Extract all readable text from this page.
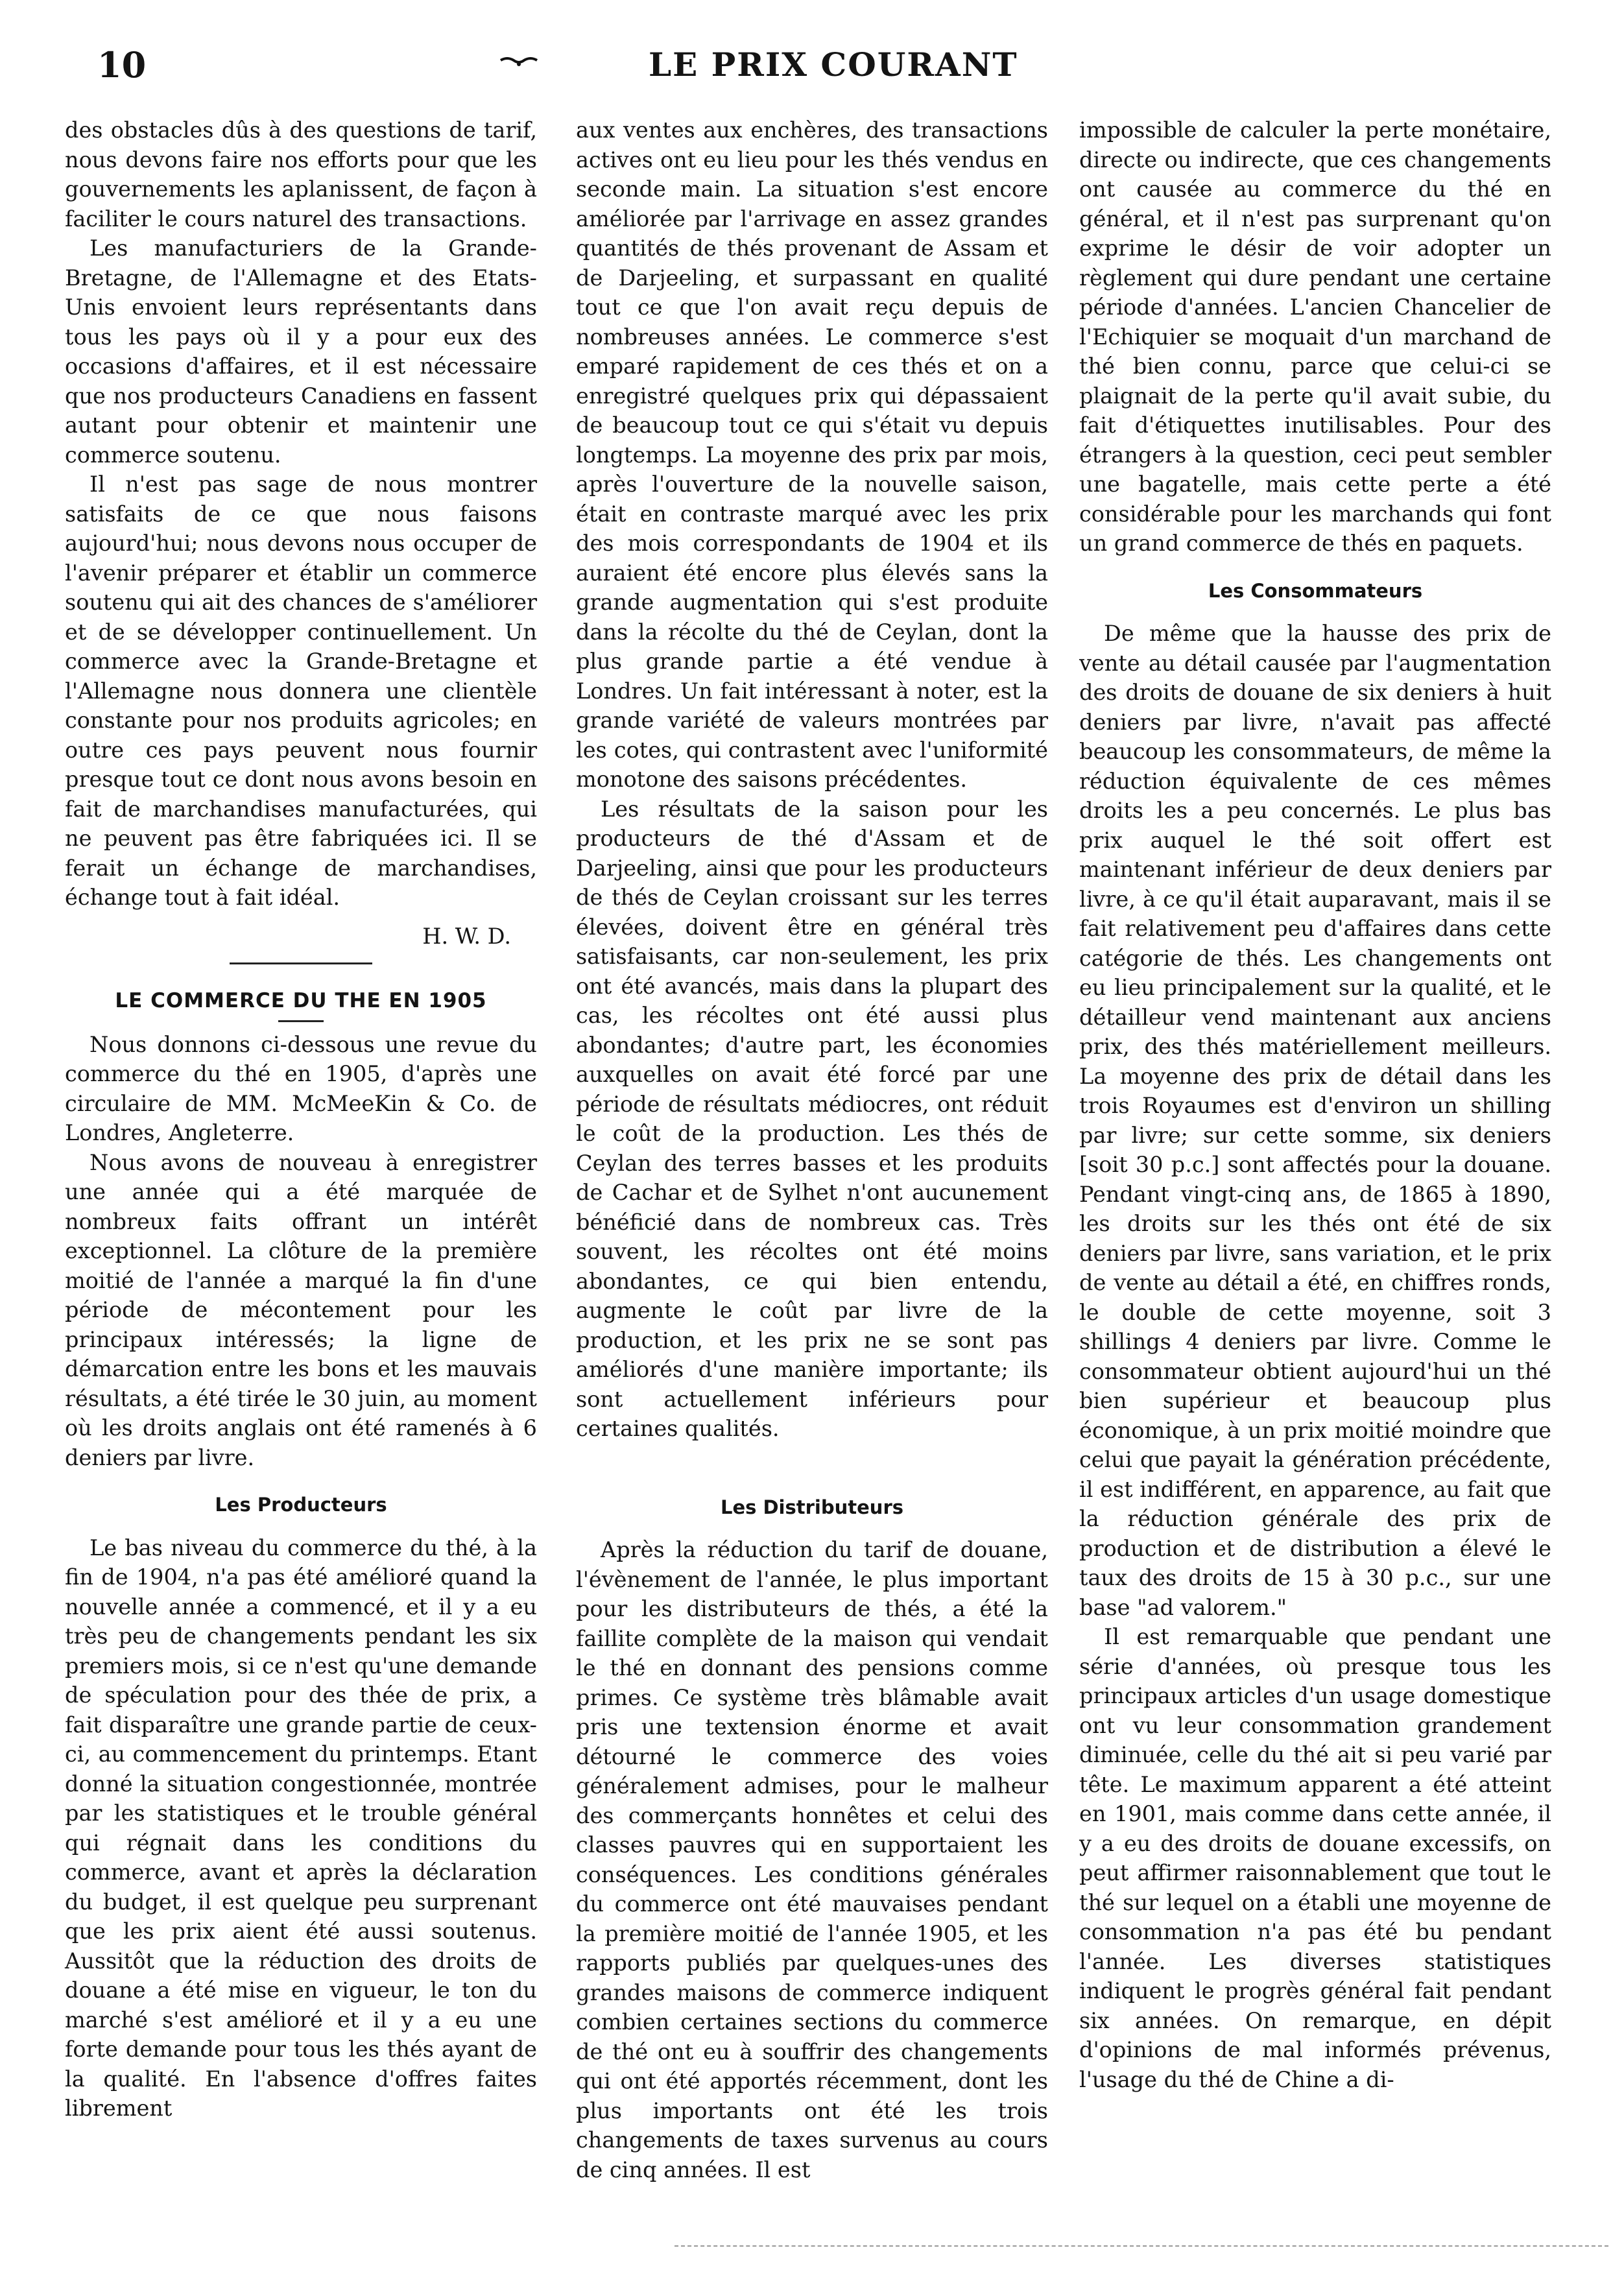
10	LE PRIX COURANT

des obstacles dûs à des questions de tarif, nous devons faire nos efforts pour que les gouvernements les aplanissent, de façon à faciliter le cours naturel des transactions.

Les manufacturiers de la Grande-Bretagne, de l'Allemagne et des Etats-Unis envoient leurs représentants dans tous les pays où il y a pour eux des occasions d'affaires, et il est nécessaire que nos producteurs Canadiens en fassent autant pour obtenir et maintenir une commerce soutenu.

Il n'est pas sage de nous montrer satisfaits de ce que nous faisons aujourd'hui; nous devons nous occuper de l'avenir préparer et établir un commerce soutenu qui ait des chances de s'améliorer et de se développer continuellement. Un commerce avec la Grande-Bretagne et l'Allemagne nous donnera une clientèle constante pour nos produits agricoles; en outre ces pays peuvent nous fournir presque tout ce dont nous avons besoin en fait de marchandises manufacturées, qui ne peuvent pas être fabriquées ici. Il se ferait un échange de marchandises, échange tout à fait idéal.

H. W. D.

LE COMMERCE DU THE EN 1905

Nous donnons ci-dessous une revue du commerce du thé en 1905, d'après une circulaire de MM. McMeeKin & Co. de Londres, Angleterre.

Nous avons de nouveau à enregistrer une année qui a été marquée de nombreux faits offrant un intérêt exceptionnel. La clôture de la première moitié de l'année a marqué la fin d'une période de mécontement pour les principaux intéressés; la ligne de démarcation entre les bons et les mauvais résultats, a été tirée le 30 juin, au moment où les droits anglais ont été ramenés à 6 deniers par livre.

Les Producteurs

Le bas niveau du commerce du thé, à la fin de 1904, n'a pas été amélioré quand la nouvelle année a commencé, et il y a eu très peu de changements pendant les six premiers mois, si ce n'est qu'une demande de spéculation pour des thée de prix, a fait disparaître une grande partie de ceux-ci, au commencement du printemps. Etant donné la situation congestionnée, montrée par les statistiques et le trouble général qui régnait dans les conditions du commerce, avant et après la déclaration du budget, il est quelque peu surprenant que les prix aient été aussi soutenus. Aussitôt que la réduction des droits de douane a été mise en vigueur, le ton du marché s'est amélioré et il y a eu une forte demande pour tous les thés ayant de la qualité. En l'absence d'offres faites librement

aux ventes aux enchères, des transactions actives ont eu lieu pour les thés vendus en seconde main. La situation s'est encore améliorée par l'arrivage en assez grandes quantités de thés provenant de Assam et de Darjeeling, et surpassant en qualité tout ce que l'on avait reçu depuis de nombreuses années. Le commerce s'est emparé rapidement de ces thés et on a enregistré quelques prix qui dépassaient de beaucoup tout ce qui s'était vu depuis longtemps. La moyenne des prix par mois, après l'ouverture de la nouvelle saison, était en contraste marqué avec les prix des mois correspondants de 1904 et ils auraient été encore plus élevés sans la grande augmentation qui s'est produite dans la récolte du thé de Ceylan, dont la plus grande partie a été vendue à Londres. Un fait intéressant à noter, est la grande variété de valeurs montrées par les cotes, qui contrastent avec l'uniformité monotone des saisons précédentes.

Les résultats de la saison pour les producteurs de thé d'Assam et de Darjeeling, ainsi que pour les producteurs de thés de Ceylan croissant sur les terres élevées, doivent être en général très satisfaisants, car non-seulement, les prix ont été avancés, mais dans la plupart des cas, les récoltes ont été aussi plus abondantes; d'autre part, les économies auxquelles on avait été forcé par une période de résultats médiocres, ont réduit le coût de la production. Les thés de Ceylan des terres basses et les produits de Cachar et de Sylhet n'ont aucunement bénéficié dans de nombreux cas. Très souvent, les récoltes ont été moins abondantes, ce qui bien entendu, augmente le coût par livre de la production, et les prix ne se sont pas améliorés d'une manière importante; ils sont actuellement inférieurs pour certaines qualités.

Les Distributeurs

Après la réduction du tarif de douane, l'évènement de l'année, le plus important pour les distributeurs de thés, a été la faillite complète de la maison qui vendait le thé en donnant des pensions comme primes. Ce système très blâmable avait pris une textension énorme et avait détourné le commerce des voies généralement admises, pour le malheur des commerçants honnêtes et celui des classes pauvres qui en supportaient les conséquences. Les conditions générales du commerce ont été mauvaises pendant la première moitié de l'année 1905, et les rapports publiés par quelques-unes des grandes maisons de commerce indiquent combien certaines sections du commerce de thé ont eu à souffrir des changements qui ont été apportés récemment, dont les plus importants ont été les trois changements de taxes survenus au cours de cinq années. Il est

impossible de calculer la perte monétaire, directe ou indirecte, que ces changements ont causée au commerce du thé en général, et il n'est pas surprenant qu'on exprime le désir de voir adopter un règlement qui dure pendant une certaine période d'années. L'ancien Chancelier de l'Echiquier se moquait d'un marchand de thé bien connu, parce que celui-ci se plaignait de la perte qu'il avait subie, du fait d'étiquettes inutilisables. Pour des étrangers à la question, ceci peut sembler une bagatelle, mais cette perte a été considérable pour les marchands qui font un grand commerce de thés en paquets.

Les Consommateurs

De même que la hausse des prix de vente au détail causée par l'augmentation des droits de douane de six deniers à huit deniers par livre, n'avait pas affecté beaucoup les consommateurs, de même la réduction équivalente de ces mêmes droits les a peu concernés. Le plus bas prix auquel le thé soit offert est maintenant inférieur de deux deniers par livre, à ce qu'il était auparavant, mais il se fait relativement peu d'affaires dans cette catégorie de thés. Les changements ont eu lieu principalement sur la qualité, et le détailleur vend maintenant aux anciens prix, des thés matériellement meilleurs. La moyenne des prix de détail dans les trois Royaumes est d'environ un shilling par livre; sur cette somme, six deniers [soit 30 p.c.] sont affectés pour la douane. Pendant vingt-cinq ans, de 1865 à 1890, les droits sur les thés ont été de six deniers par livre, sans variation, et le prix de vente au détail a été, en chiffres ronds, le double de cette moyenne, soit 3 shillings 4 deniers par livre. Comme le consommateur obtient aujourd'hui un thé bien supérieur et beaucoup plus économique, à un prix moitié moindre que celui que payait la génération précédente, il est indifférent, en apparence, au fait que la réduction générale des prix de production et de distribution a élevé le taux des droits de 15 à 30 p.c., sur une base "ad valorem."

Il est remarquable que pendant une série d'années, où presque tous les principaux articles d'un usage domestique ont vu leur consommation grandement diminuée, celle du thé ait si peu varié par tête. Le maximum apparent a été atteint en 1901, mais comme dans cette année, il y a eu des droits de douane excessifs, on peut affirmer raisonnablement que tout le thé sur lequel on a établi une moyenne de consommation n'a pas été bu pendant l'année. Les diverses statistiques indiquent le progrès général fait pendant six années. On remarque, en dépit d'opinions de mal informés prévenus, l'usage du thé de Chine a di-
